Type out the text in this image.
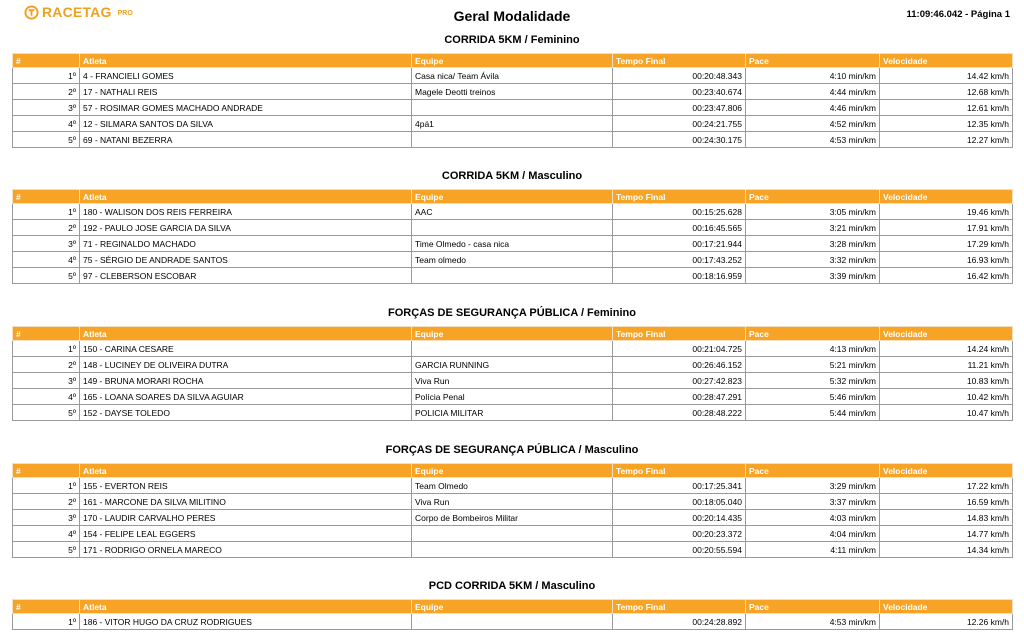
RACETAG PRO	Geral Modalidade	11:09:46.042 - Página 1
CORRIDA 5KM / Feminino
#	Atleta	Equipe	Tempo Final	Pace	Velocidade
1º	4 - FRANCIELI GOMES	Casa nica/ Team Ávila	00:20:48.343	4:10 min/km	14.42 km/h
2º	17 - NATHALI REIS	Magele Deotti treinos	00:23:40.674	4:44 min/km	12.68 km/h
3º	57 - ROSIMAR GOMES MACHADO ANDRADE		00:23:47.806	4:46 min/km	12.61 km/h
4º	12 - SILMARA SANTOS DA SILVA	4pá1	00:24:21.755	4:52 min/km	12.35 km/h
5º	69 - NATANI BEZERRA		00:24:30.175	4:53 min/km	12.27 km/h
CORRIDA 5KM / Masculino
#	Atleta	Equipe	Tempo Final	Pace	Velocidade
1º	180 - WALISON DOS REIS FERREIRA	AAC	00:15:25.628	3:05 min/km	19.46 km/h
2º	192 - PAULO JOSE GARCIA DA SILVA		00:16:45.565	3:21 min/km	17.91 km/h
3º	71 - REGINALDO MACHADO	Time Olmedo - casa nica	00:17:21.944	3:28 min/km	17.29 km/h
4º	75 - SÉRGIO DE ANDRADE SANTOS	Team olmedo	00:17:43.252	3:32 min/km	16.93 km/h
5º	97 - CLEBERSON ESCOBAR		00:18:16.959	3:39 min/km	16.42 km/h
FORÇAS DE SEGURANÇA PÚBLICA / Feminino
#	Atleta	Equipe	Tempo Final	Pace	Velocidade
1º	150 - CARINA CESARE		00:21:04.725	4:13 min/km	14.24 km/h
2º	148 - LUCINEY DE OLIVEIRA DUTRA	GARCIA RUNNING	00:26:46.152	5:21 min/km	11.21 km/h
3º	149 - BRUNA MORARI ROCHA	Viva Run	00:27:42.823	5:32 min/km	10.83 km/h
4º	165 - LOANA SOARES DA SILVA AGUIAR	Polícia Penal	00:28:47.291	5:46 min/km	10.42 km/h
5º	152 - DAYSE TOLEDO	POLICIA MILITAR	00:28:48.222	5:44 min/km	10.47 km/h
FORÇAS DE SEGURANÇA PÚBLICA / Masculino
#	Atleta	Equipe	Tempo Final	Pace	Velocidade
1º	155 - EVERTON REIS	Team Olmedo	00:17:25.341	3:29 min/km	17.22 km/h
2º	161 - MARCONE DA SILVA MILITINO	Viva Run	00:18:05.040	3:37 min/km	16.59 km/h
3º	170 - LAUDIR CARVALHO PERES	Corpo de Bombeiros Militar	00:20:14.435	4:03 min/km	14.83 km/h
4º	154 - FELIPE LEAL EGGERS		00:20:23.372	4:04 min/km	14.77 km/h
5º	171 - RODRIGO ORNELA MARECO		00:20:55.594	4:11 min/km	14.34 km/h
PCD CORRIDA 5KM / Masculino
#	Atleta	Equipe	Tempo Final	Pace	Velocidade
1º	186 - VITOR HUGO DA CRUZ RODRIGUES		00:24:28.892	4:53 min/km	12.26 km/h
